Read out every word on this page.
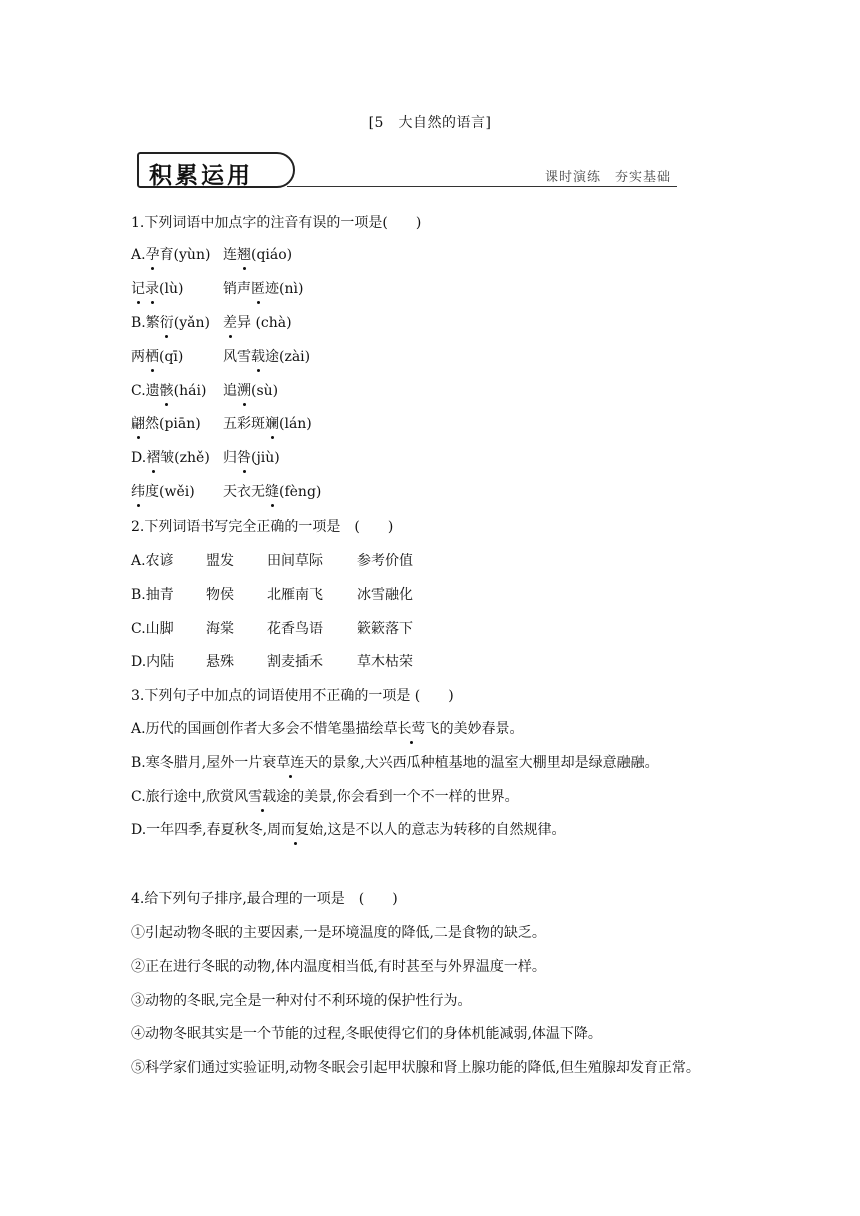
[5　大自然的语言]
积累运用	课时演练　夯实基础
1.下列词语中加点字的注音有误的一项是(　　)
A.孕育(yùn) 连翘(qiáo)
记录(lù)	销声匿迹(nì)
B.繁衍(yǎn) 差异 (chà)
两栖(qī)	风雪载途(zài)
C.遗骸(hái) 追溯(sù)
翩然(piān) 五彩斑斓(lán)
D.褶皱(zhě) 归咎(jiù)
纬度(wěi) 天衣无缝(fèng)
2.下列词语书写完全正确的一项是　(　　)
A.农谚 盟发 田间草际 参考价值
B.抽青 物侯 北雁南飞 冰雪融化
C.山脚 海棠 花香鸟语 簌簌落下
D.内陆 悬殊 割麦插禾 草木枯荣
3.下列句子中加点的词语使用不正确的一项是 (　　)
A.历代的国画创作者大多会不惜笔墨描绘草长莺飞的美妙春景。
B.寒冬腊月,屋外一片衰草连天的景象,大兴西瓜种植基地的温室大棚里却是绿意融融。
C.旅行途中,欣赏风雪载途的美景,你会看到一个不一样的世界。
D.一年四季,春夏秋冬,周而复始,这是不以人的意志为转移的自然规律。
4.给下列句子排序,最合理的一项是　(　　)
①引起动物冬眠的主要因素,一是环境温度的降低,二是食物的缺乏。
②正在进行冬眠的动物,体内温度相当低,有时甚至与外界温度一样。
③动物的冬眠,完全是一种对付不利环境的保护性行为。
④动物冬眠其实是一个节能的过程,冬眠使得它们的身体机能减弱,体温下降。
⑤科学家们通过实验证明,动物冬眠会引起甲状腺和肾上腺功能的降低,但生殖腺却发育正常。
